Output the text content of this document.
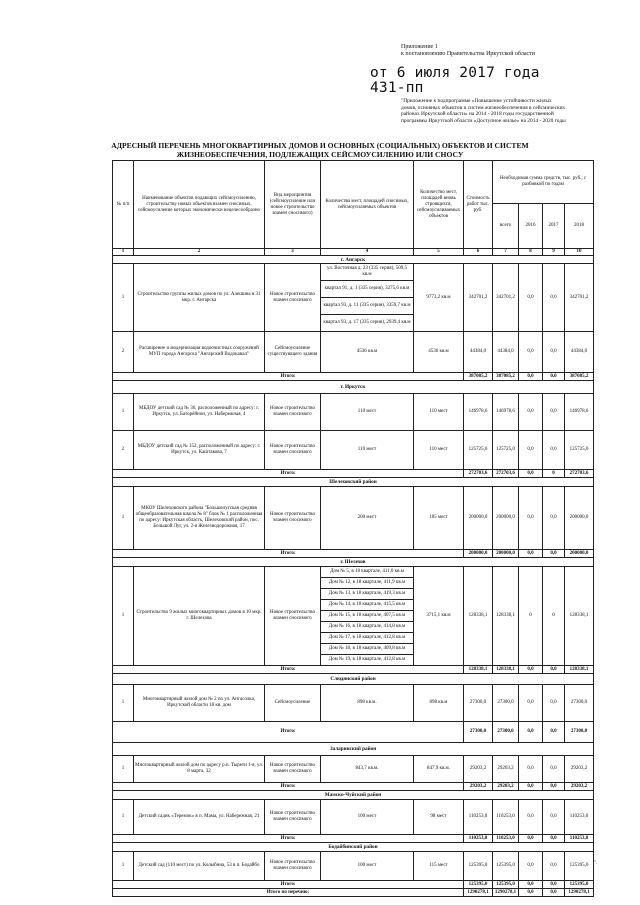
Приложение 1
к постановлению Правительства Иркутской области
от 6 июля 2017 года
431-пп
"Приложение к подпрограмме «Повышение устойчивости жилых
домов, основных объектов и систем жизнеобеспечения в сейсмических
районах Иркутской области» на 2014 - 2018 годы государственной
программы Иркутской области «Доступное жилье» на 2014 - 2020 годы
АДРЕСНЫЙ ПЕРЕЧЕНЬ МНОГОКВАРТИРНЫХ ДОМОВ И ОСНОВНЫХ (СОЦИАЛЬНЫХ) ОБЪЕКТОВ И СИСТЕМ
ЖИЗНЕОБЕСПЕЧЕНИЯ, ПОДЛЕЖАЩИХ СЕЙСМОУСИЛЕНИЮ ИЛИ СНОСУ
№ п/п	Наименование объектов подающих сейсмоусилению, строительству новых объектов взамен сносимых, сейсмоусиление которых экономически нецелесообразно	Вид мероприятия (сейсмоусиление или новое строительство взамен сносимого)	Количество мест, площадей сносимых, сейсмоусиляемых объектов	Количество мест, площадей вновь строящихся, сейсмоусиливаемых объектов	Стоимость работ тыс. руб.	Необходимая сумма средств, тыс. руб., с разбивкой по годам			
						всего	2016	2017	2018
1	2	3	4	5	6	7	8	9	10
г. Ангарск									
1	Строительство группы жилых домов по ул. Алешина в 31 мкр. г. Ангарска	Новое строительство взамен сносимого	ул. Восточная д. 23 (335 серия), 509,5 кв.м	9773,2 кв.м	342701,2	342701,2	0,0	0,0	342701,2
			квартал 91, д. 1 (335 серия), 3275,6 кв.м						
			квартал 93, д. 11 (335 серия), 3359,7 кв.м						
			квартал 93, д. 17 (335 серия), 2939,4 кв.м						
2	Расширение и модернизация водоочистных сооружений МУП города Ангарска "Ангарский Водоканал"	Сейсмоусиление существующего здания	4536 кв.м	4536 кв.м	44384,0	44384,0	0,0	0,0	44384,0
Итого:					387085,2	387085,2	0,0	0,0	387085,2
г. Иркутск									
1	МБДОУ детский сад № 36, расположенный по адресу: г. Иркутск, ул. Баторёйнон, ул. Набережная, 4	Новое строительство взамен сносимого	110 мест	110 мест	146978,6	146978,6	0,0	0,0	146978,6
2	МБДОУ детский сад № 152, расположенный по адресу: г. Иркутск, ул. Каштакова, 7	Новое строительство взамен сносимого	110 мест	110 мест	125725,0	125725,0	0,0	0,0	125725,0
Итого:					272703,6	272703,6	0,0	0	272703,6
Шелеховский район									
1	МКОУ Шелеховского района "Большелугская средняя общеобразовательная школа № 8" блок № 1 расположенная по адресу: Иркутская область, Шелеховский район, пос. Большой Луг, ул. 2-я Железнодорожная, 17	Новое строительство взамен сносимого	200 мест	185 мест	200000,0	200000,0	0,0	0,0	200000,0
Итого:					200000,0	200000,0	0,0	0,0	200000,0
г. Шелехов									
1	Строительство 9 жилых многоквартирных домов в 10 мкр. г. Шелехова	Новое строительство взамен сносимого	Дом № 5, в 18 квартале, 411,0 кв.м	3715,1 кв.м	128338,1	128338,1	0	0	128338,1
			Дом № 12, в 18 квартале, 411,9 кв.м						
			Дом № 13, в 18 квартале, 419,3 кв.м						
			Дом № 14, в 18 квартале, 415,5 кв.м						
			Дом № 15, в 18 квартале, 407,5 кв.м						
			Дом № 16, в 18 квартале, 414,8 кв.м						
			Дом № 17, в 18 квартале, 412,8 кв.м						
			Дом № 18, в 18 квартале, 409,8 кв.м						
			Дом № 19, в 18 квартале, 412,8 кв.м						
Итого:					128338,1	128338,1	0,0	0,0	128338,1
Слюдянский район									
1	Многоквартирный жилой дом № 2 по ул. Ангасолка, Иркутской области 18 кв. дом	Сейсмоусиление	898 кв.м.	898 кв.м	27300,0	27300,0	0,0	0,0	27300,0
Итого:					27300,0	27300,0	0,0	0,0	27300,0
Заларинский район									
1	Многоквартирный жилой дом по адресу р.п. Тырети 1-я, ул. 8 марта, 32	Новое строительство взамен сносимого	843,7 кв.м.	847,9 кв.м.	29203,2	29203,2	0,0	0,0	29203,2
Итого:					29203,2	29203,2	0,0	0,0	29203,2
Мамско-Чуйский район									
1	Детский садик «Теремок» в п. Мама, ул. Набережная, 21	Новое строительство взамен сносимого	100 мест	98 мест	110253,0	110253,0	0,0	0,0	110253,0
Итого:					110253,0	110253,0	0,0	0,0	110253,0
Бодайбинский район									
1	Детский сад (110 мест) по ул. Колыбина, 53 в п. Бодайбо	Новое строительство взамен сносимого	100 мест	115 мест	125395,0	125395,0	0,0	0,0	125395,0
Итого:					125395,0	125395,0	0,0	0,0	125395,0
Итого по перечню:					1290278,1	1290278,1	0,0	0,0	1290278,1
".
